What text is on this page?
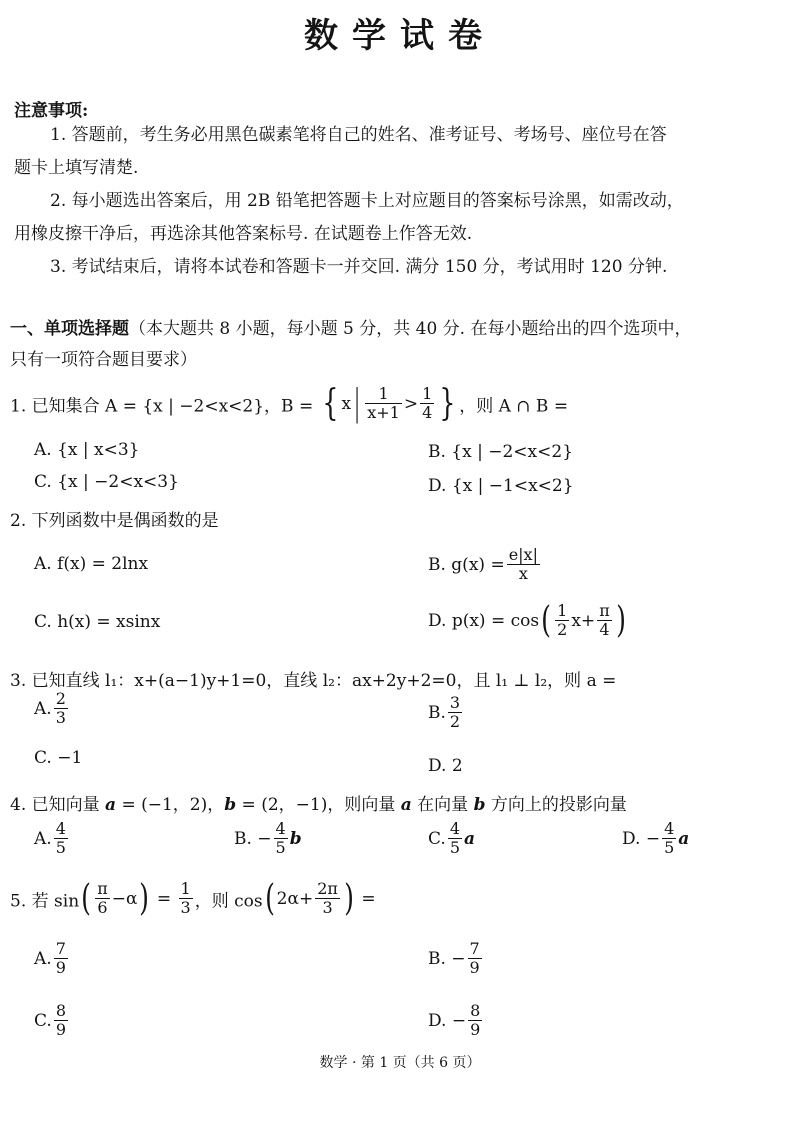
数学试卷
注意事项:
1. 答题前，考生务必用黑色碳素笔将自己的姓名、准考证号、考场号、座位号在答
题卡上填写清楚.
2. 每小题选出答案后，用 2B 铅笔把答题卡上对应题目的答案标号涂黑，如需改动，
用橡皮擦干净后，再选涂其他答案标号. 在试题卷上作答无效.
3. 考试结束后，请将本试卷和答题卡一并交回. 满分 150 分，考试用时 120 分钟.
一、单项选择题（本大题共 8 小题，每小题 5 分，共 40 分. 在每小题给出的四个选项中，
只有一项符合题目要求）
1. 已知集合 A = {x | −2<x<2}，B = { x | $\frac{1}{x+1} > \frac{1}{4}$ } ，则 A ∩ B =
A. {x | x<3}	B. {x | −2<x<2}
C. {x | −2<x<3}	D. {x | −1<x<2}
2. 下列函数中是偶函数的是
A. f(x) = 2lnx	B. $g(x) = \frac{e|x|}{x}$
C. h(x) = xsinx	D. $p(x) = \cos( \frac{1}{2} x+ \frac{\pi}{4}$ )
3. 已知直线 l₁：x+(a−1)y+1=0，直线 l₂：ax+2y+2=0，且 l₁ ⊥ l₂，则 a =
A. $\frac{2}{3}$	B. $\frac{3}{2}$
C. −1	D. 2
4. 已知向量 a = (−1，2)，b = (2，−1)，则向量 a 在向量 b 方向上的投影向量
A. $\frac{4}{5}$	B. − $\frac{4}{5}$ b	C. $\frac{4}{5}$ a	D. − $\frac{4}{5}$ a
5. 若 $\sin( \frac{\pi}{6} -\alpha) = \frac{1}{3}$ ，则 cos( $2\alpha+ \frac{2\pi}{3}$ ) =
A. $\frac{7}{9}$	B. − $\frac{7}{9}$
C. $\frac{8}{9}$	D. − $\frac{8}{9}$
数学 · 第 1 页（共 6 页）
